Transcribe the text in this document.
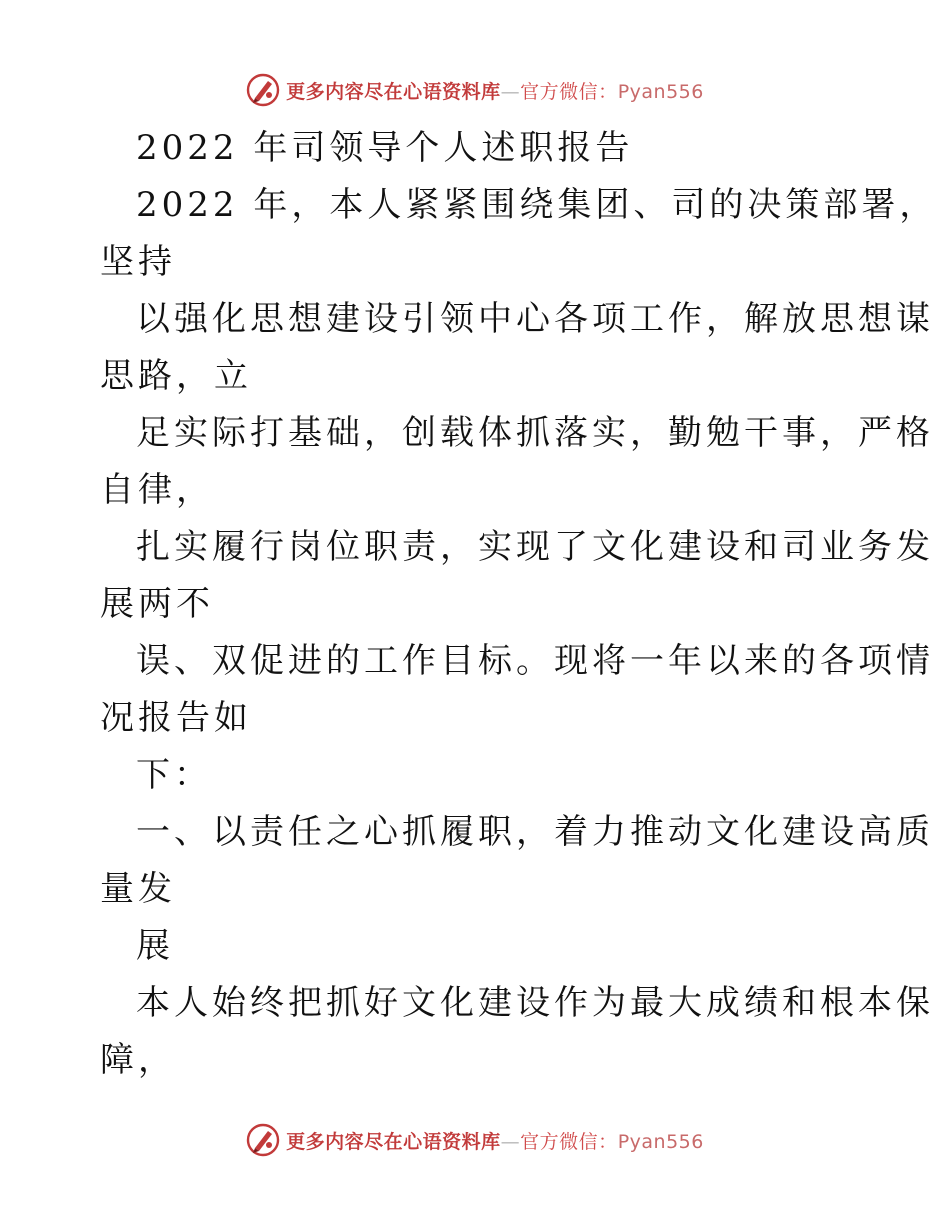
更多内容尽在心语资料库—官方微信：Pyan556
2022 年司领导个人述职报告
2022 年，本人紧紧围绕集团、司的决策部署，
坚持
以强化思想建设引领中心各项工作，解放思想谋
思路，立
足实际打基础，创载体抓落实，勤勉干事，严格
自律，
扎实履行岗位职责，实现了文化建设和司业务发
展两不
误、双促进的工作目标。现将一年以来的各项情
况报告如
下：
一、以责任之心抓履职，着力推动文化建设高质
量发
展
本人始终把抓好文化建设作为最大成绩和根本保
障，
更多内容尽在心语资料库—官方微信：Pyan556
